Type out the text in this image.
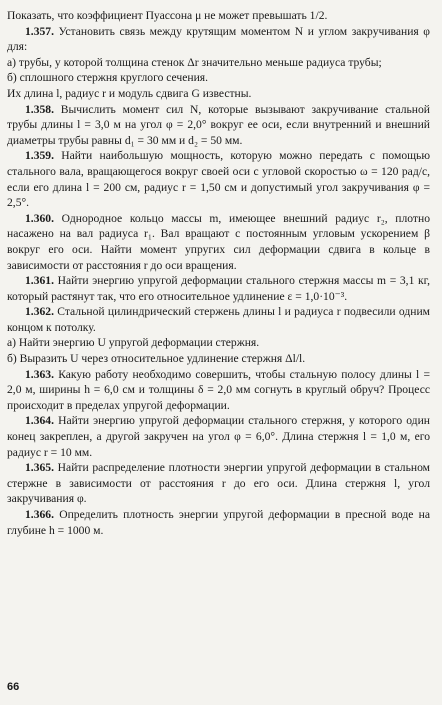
Показать, что коэффициент Пуассона μ не может превышать 1/2.

1.357. Установить связь между крутящим моментом N и углом закручивания φ для:

а) трубы, у которой толщина стенок Δr значительно меньше радиуса трубы;

б) сплошного стержня круглого сечения.

Их длина l, радиус r и модуль сдвига G известны.

1.358. Вычислить момент сил N, которые вызывают закручивание стальной трубы длины l = 3,0 м на угол φ = 2,0° вокруг ее оси, если внутренний и внешний диаметры трубы равны d₁ = 30 мм и d₂ = 50 мм.

1.359. Найти наибольшую мощность, которую можно передать с помощью стального вала, вращающегося вокруг своей оси с угловой скоростью ω = 120 рад/с, если его длина l = 200 см, радиус r = 1,50 см и допустимый угол закручивания φ = 2,5°.

1.360. Однородное кольцо массы m, имеющее внешний радиус r₂, плотно насажено на вал радиуса r₁. Вал вращают с постоянным угловым ускорением β вокруг его оси. Найти момент упругих сил деформации сдвига в кольце в зависимости от расстояния r до оси вращения.

1.361. Найти энергию упругой деформации стального стержня массы m = 3,1 кг, который растянут так, что его относительное удлинение ε = 1,0·10⁻³.

1.362. Стальной цилиндрический стержень длины l и радиуса r подвесили одним концом к потолку.

а) Найти энергию U упругой деформации стержня.

б) Выразить U через относительное удлинение стержня Δl/l.

1.363. Какую работу необходимо совершить, чтобы стальную полосу длины l = 2,0 м, ширины h = 6,0 см и толщины δ = 2,0 мм согнуть в круглый обруч? Процесс происходит в пределах упругой деформации.

1.364. Найти энергию упругой деформации стального стержня, у которого один конец закреплен, а другой закручен на угол φ = 6,0°. Длина стержня l = 1,0 м, его радиус r = 10 мм.

1.365. Найти распределение плотности энергии упругой деформации в стальном стержне в зависимости от расстояния r до его оси. Длина стержня l, угол закручивания φ.

1.366. Определить плотность энергии упругой деформации в пресной воде на глубине h = 1000 м.

66
